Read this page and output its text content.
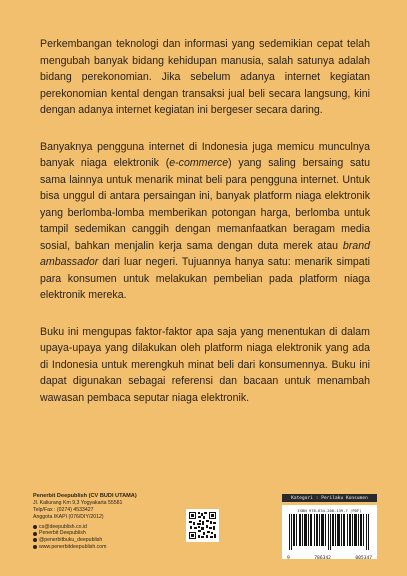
Perkembangan teknologi dan informasi yang sedemikian cepat telah mengubah banyak bidang kehidupan manusia, salah satunya adalah bidang perekonomian. Jika sebelum adanya internet kegiatan perekonomian kental dengan transaksi jual beli secara langsung, kini dengan adanya internet kegiatan ini bergeser secara daring.

Banyaknya pengguna internet di Indonesia juga memicu munculnya banyak niaga elektronik (e-commerce) yang saling bersaing satu sama lainnya untuk menarik minat beli para pengguna internet. Untuk bisa unggul di antara persaingan ini, banyak platform niaga elektronik yang berlomba-lomba memberikan potongan harga, berlomba untuk tampil sedemikan canggih dengan memanfaatkan beragam media sosial, bahkan menjalin kerja sama dengan duta merek atau brand ambassador dari luar negeri. Tujuannya hanya satu: menarik simpati para konsumen untuk melakukan pembelian pada platform niaga elektronik mereka.

Buku ini mengupas faktor-faktor apa saja yang menentukan di dalam upaya-upaya yang dilakukan oleh platform niaga elektronik yang ada di Indonesia untuk merengkuh minat beli dari konsumennya. Buku ini dapat digunakan sebagai referensi dan bacaan untuk menambah wawasan pembaca seputar niaga elektronik.

Penerbit Deepublish (CV BUDI UTAMA)
Jl. Kaliurang Km 9,3 Yogyakarta 55581
Telp/Fax : (0274) 4533427
Anggota IKAPI (076/DIY/2012)
cs@deepublish.co.id
Penerbit Deepublish
@penerbitbuku_deepublish
www.penerbitdeepublish.com
Kategori : Perilaku Konsumen
ISBN 978-634-200-139-7 (PDF)
9	786342	005347
